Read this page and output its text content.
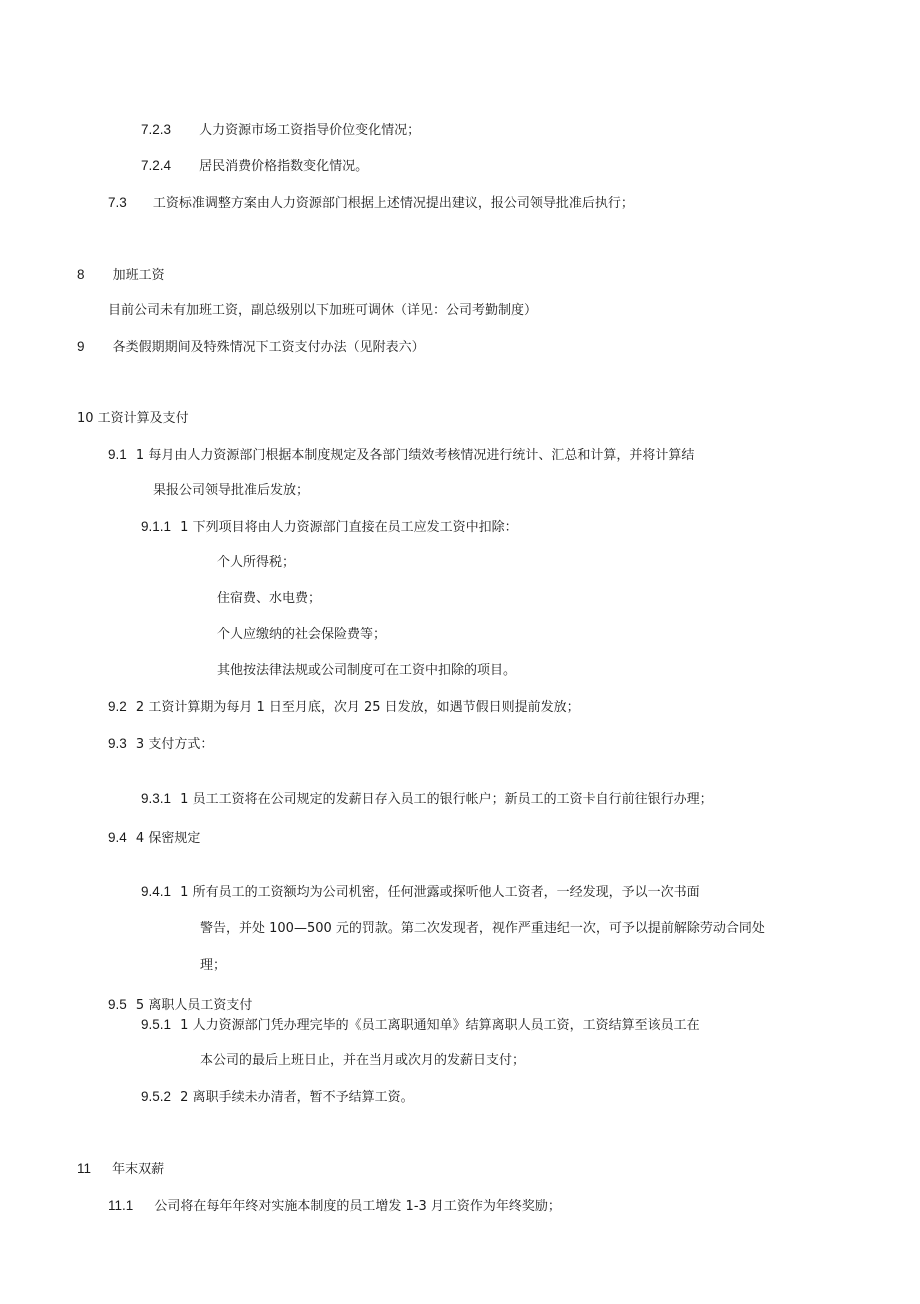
7.2.3 人力资源市场工资指导价位变化情况；
7.2.4 居民消费价格指数变化情况。
7.3 工资标准调整方案由人力资源部门根据上述情况提出建议，报公司领导批准后执行；
8 加班工资
目前公司未有加班工资，副总级别以下加班可调休（详见：公司考勤制度）
9 各类假期期间及特殊情况下工资支付办法（见附表六）
10 工资计算及支付
9.1 1 每月由人力资源部门根据本制度规定及各部门绩效考核情况进行统计、汇总和计算，并将计算结
果报公司领导批准后发放；
9.1.1 1 下列项目将由人力资源部门直接在员工应发工资中扣除：
个人所得税；
住宿费、水电费；
个人应缴纳的社会保险费等；
其他按法律法规或公司制度可在工资中扣除的项目。
9.2 2 工资计算期为每月 1 日至月底，次月 25 日发放，如遇节假日则提前发放；
9.3 3 支付方式：
9.3.1 1 员工工资将在公司规定的发薪日存入员工的银行帐户；新员工的工资卡自行前往银行办理；
9.4 4 保密规定
9.4.1 1 所有员工的工资额均为公司机密，任何泄露或探听他人工资者，一经发现，予以一次书面
警告，并处 100—500 元的罚款。第二次发现者，视作严重违纪一次，可予以提前解除劳动合同处
理；
9.5 5 离职人员工资支付
9.5.1 1 人力资源部门凭办理完毕的《员工离职通知单》结算离职人员工资，工资结算至该员工在
本公司的最后上班日止，并在当月或次月的发薪日支付；
9.5.2 2 离职手续未办清者，暂不予结算工资。
11 年末双薪
11.1 公司将在每年年终对实施本制度的员工增发 1-3 月工资作为年终奖励；
